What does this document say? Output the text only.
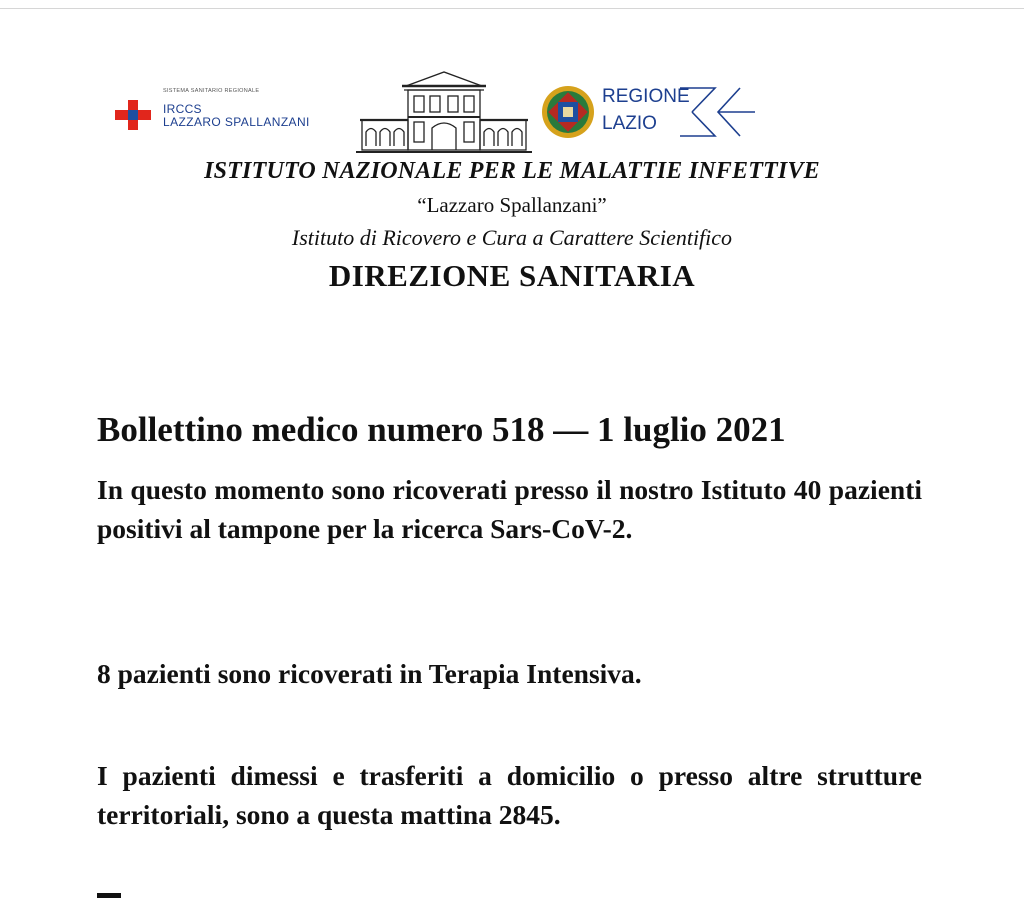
SISTEMA SANITARIO REGIONALE
IRCCS
LAZZARO SPALLANZANI
REGIONE
LAZIO
ISTITUTO NAZIONALE PER LE MALATTIE INFETTIVE
“Lazzaro Spallanzani”
Istituto di Ricovero e Cura a Carattere Scientifico
DIREZIONE SANITARIA
Bollettino medico numero 518 — 1 luglio 2021

In questo momento sono ricoverati presso il nostro Istituto 40 pazienti positivi al tampone per la ricerca Sars-CoV-2.

8 pazienti sono ricoverati in Terapia Intensiva.

I pazienti dimessi e trasferiti a domicilio o presso altre strutture territoriali, sono a questa mattina 2845.
